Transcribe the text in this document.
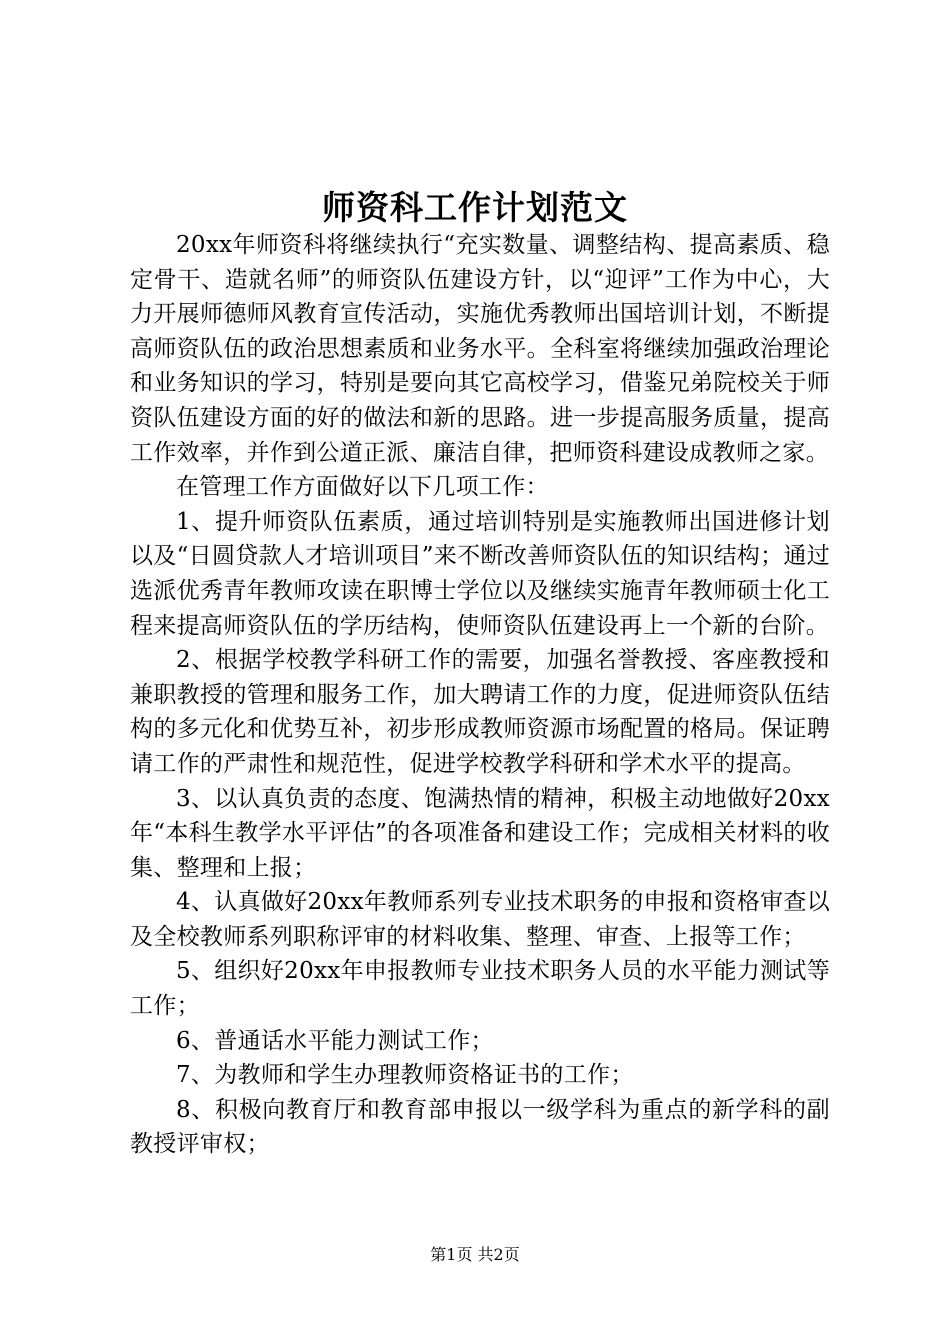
师资科工作计划范文

20xx年师资科将继续执行“充实数量、调整结构、提高素质、稳定骨干、造就名师”的师资队伍建设方针，以“迎评”工作为中心，大力开展师德师风教育宣传活动，实施优秀教师出国培训计划，不断提高师资队伍的政治思想素质和业务水平。全科室将继续加强政治理论和业务知识的学习，特别是要向其它高校学习，借鉴兄弟院校关于师资队伍建设方面的好的做法和新的思路。进一步提高服务质量，提高工作效率，并作到公道正派、廉洁自律，把师资科建设成教师之家。

在管理工作方面做好以下几项工作：

1、提升师资队伍素质，通过培训特别是实施教师出国进修计划以及“日圆贷款人才培训项目”来不断改善师资队伍的知识结构；通过选派优秀青年教师攻读在职博士学位以及继续实施青年教师硕士化工程来提高师资队伍的学历结构，使师资队伍建设再上一个新的台阶。

2、根据学校教学科研工作的需要，加强名誉教授、客座教授和兼职教授的管理和服务工作，加大聘请工作的力度，促进师资队伍结构的多元化和优势互补，初步形成教师资源市场配置的格局。保证聘请工作的严肃性和规范性，促进学校教学科研和学术水平的提高。

3、以认真负责的态度、饱满热情的精神，积极主动地做好20xx年“本科生教学水平评估”的各项准备和建设工作；完成相关材料的收集、整理和上报；

4、认真做好20xx年教师系列专业技术职务的申报和资格审查以及全校教师系列职称评审的材料收集、整理、审查、上报等工作；

5、组织好20xx年申报教师专业技术职务人员的水平能力测试等工作；

6、普通话水平能力测试工作；

7、为教师和学生办理教师资格证书的工作；

8、积极向教育厅和教育部申报以一级学科为重点的新学科的副教授评审权；

第1页 共2页
